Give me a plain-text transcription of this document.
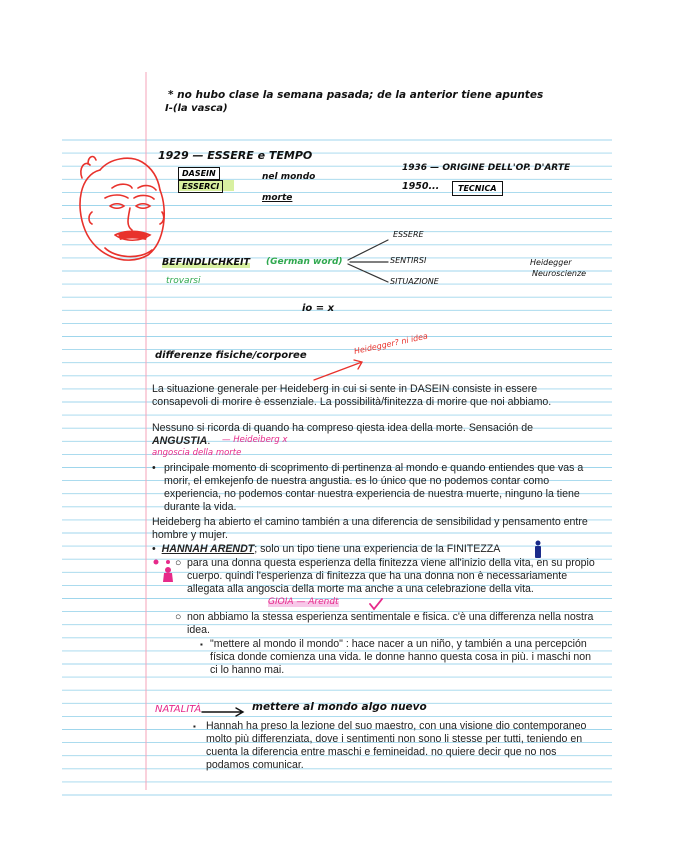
* no hubo clase la semana pasada; de la anterior tiene apuntes
I-(la vasca)
1929 — ESSERE e TEMPO
DASEIN
ESSERCI
nel mondo
morte
1936 — ORIGINE DELL'OP. D'ARTE
1950...	TECNICA
BEFINDLICHKEIT (German word)
trovarsi
ESSERE
SENTIRSI
SITUAZIONE
Heidegger
Neuroscienze
io = x
differenze fisiche/corporee	Heidegger? ni idea
La situazione generale per Heideberg in cui si sente in DASEIN consiste in essere consapevoli di morire è essenziale. La possibilità/finitezza di morire que noi abbiamo.
Nessuno si ricorda di quando ha compreso qiesta idea della morte. Sensación de
ANGUSTIA.	— Heideiberg x
angoscia della morte
• principale momento di scoprimento di pertinenza al mondo e quando entiendes que vas a morir, el emkejenfo de nuestra angustia. es lo único que no podemos contar como experiencia, no podemos contar nuestra experiencia de nuestra muerte, ninguno la tiene durante la vida.
Heideberg ha abierto el camino también a una diferencia de sensibilidad y pensamento entre hombre y mujer.
•  HANNAH ARENDT; solo un tipo tiene una experiencia de la FINITEZZA
○ para una donna questa esperienza della finitezza viene all'inizio della vita, en su propio cuerpo. quindi l'esperienza di finitezza que ha una donna non è necessariamente allegata alla angoscia della morte ma anche a una celebrazione della vita.
GIOIA — Arendt
○ non abbiamo la stessa esperienza sentimentale e fisica. c'è una differenza nella nostra idea.
▪ "mettere al mondo il mondo" : hace nacer a un niño, y también a una percepción física donde comienza una vida. le donne hanno questa cosa in più. i maschi non ci lo hanno mai.
NATALITÀ	mettere al mondo algo nuevo
▪ Hannah ha preso la lezione del suo maestro, con una visione dio contemporaneo molto più differenziata, dove i sentimenti non sono li stesse per tutti, teniendo en cuenta la diferencia entre maschi e femineidad. no quiere decir que no nos podamos comunicar.
